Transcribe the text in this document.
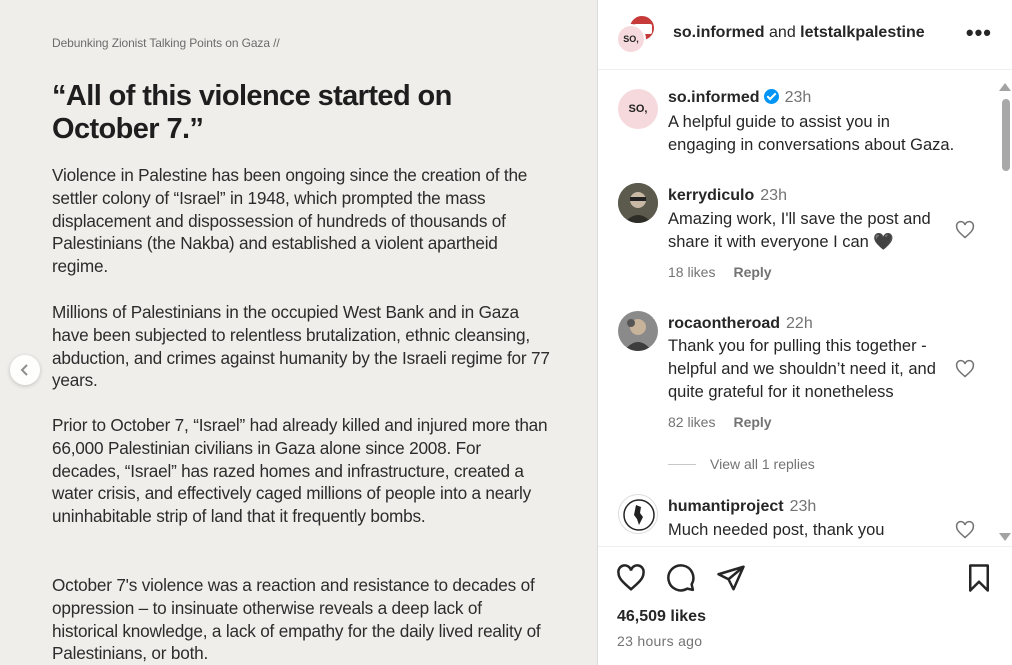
Debunking Zionist Talking Points on Gaza //
“All of this violence started on October 7.”
Violence in Palestine has been ongoing since the creation of the settler colony of “Israel” in 1948, which prompted the mass displacement and dispossession of hundreds of thousands of Palestinians (the Nakba) and established a violent apartheid regime.
Millions of Palestinians in the occupied West Bank and in Gaza have been subjected to relentless brutalization, ethnic cleansing, abduction, and crimes against humanity by the Israeli regime for 77 years.
Prior to October 7, “Israel” had already killed and injured more than 66,000 Palestinian civilians in Gaza alone since 2008. For decades, “Israel” has razed homes and infrastructure, created a water crisis, and effectively caged millions of people into a nearly uninhabitable strip of land that it frequently bombs.
October 7's violence was a reaction and resistance to decades of oppression – to insinuate otherwise reveals a deep lack of historical knowledge, a lack of empathy for the daily lived reality of Palestinians, or both.
SO,	so.informed and letstalkpalestine •••
SO,
so.informed 23h
A helpful guide to assist you in engaging in conversations about Gaza.
kerrydiculo 23h
Amazing work, I'll save the post and share it with everyone I can 🖤
18 likes Reply
rocaontheroad 22h
Thank you for pulling this together - helpful and we shouldn’t need it, and quite grateful for it nonetheless
82 likes Reply
View all 1 replies
humantiproject 23h
Much needed post, thank you
46,509 likes
23 hours ago
